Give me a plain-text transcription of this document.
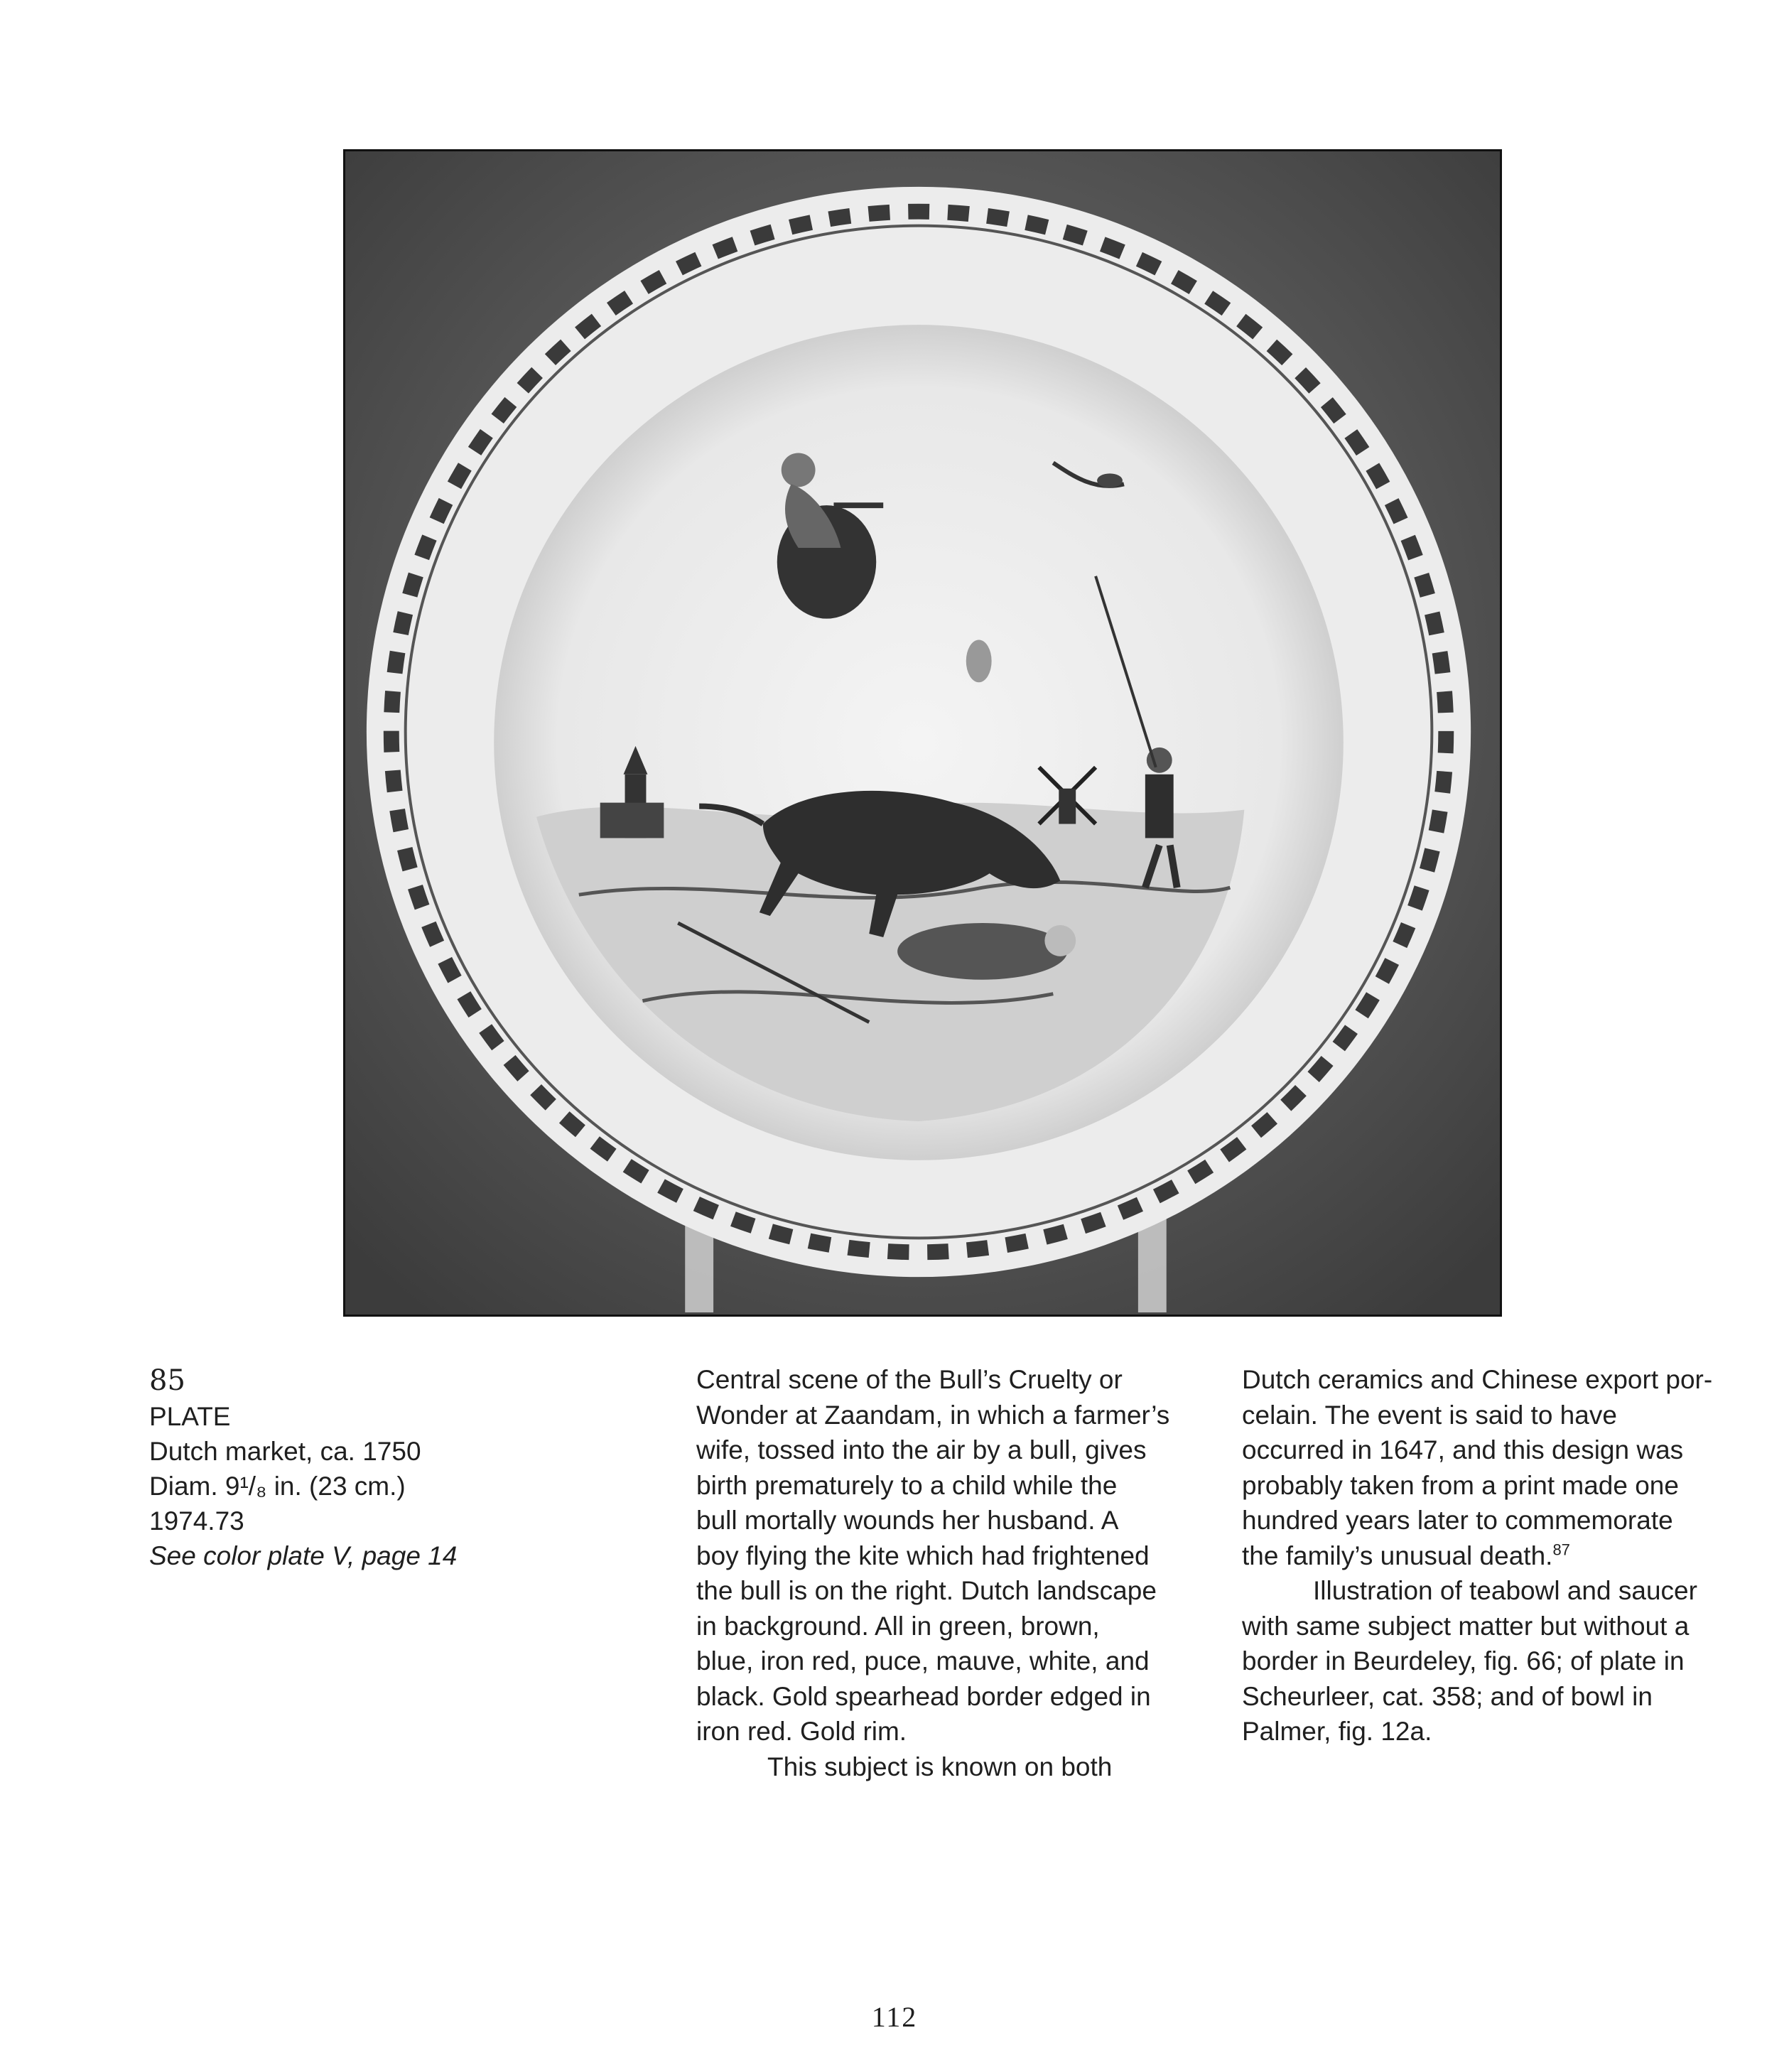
85
PLATE
Dutch market, ca. 1750
Diam. 9¹/₈ in. (23 cm.)
1974.73
See color plate V, page 14
Central scene of the Bull’s Cruelty or
Wonder at Zaandam, in which a farmer’s
wife, tossed into the air by a bull, gives
birth prematurely to a child while the
bull mortally wounds her husband. A
boy flying the kite which had frightened
the bull is on the right. Dutch landscape
in background. All in green, brown,
blue, iron red, puce, mauve, white, and
black. Gold spearhead border edged in
iron red. Gold rim.
This subject is known on both
Dutch ceramics and Chinese export por-
celain. The event is said to have
occurred in 1647, and this design was
probably taken from a print made one
hundred years later to commemorate
the family’s unusual death.$^{87}$
Illustration of teabowl and saucer
with same subject matter but without a
border in Beurdeley, fig. 66; of plate in
Scheurleer, cat. 358; and of bowl in
Palmer, fig. 12a.
112
